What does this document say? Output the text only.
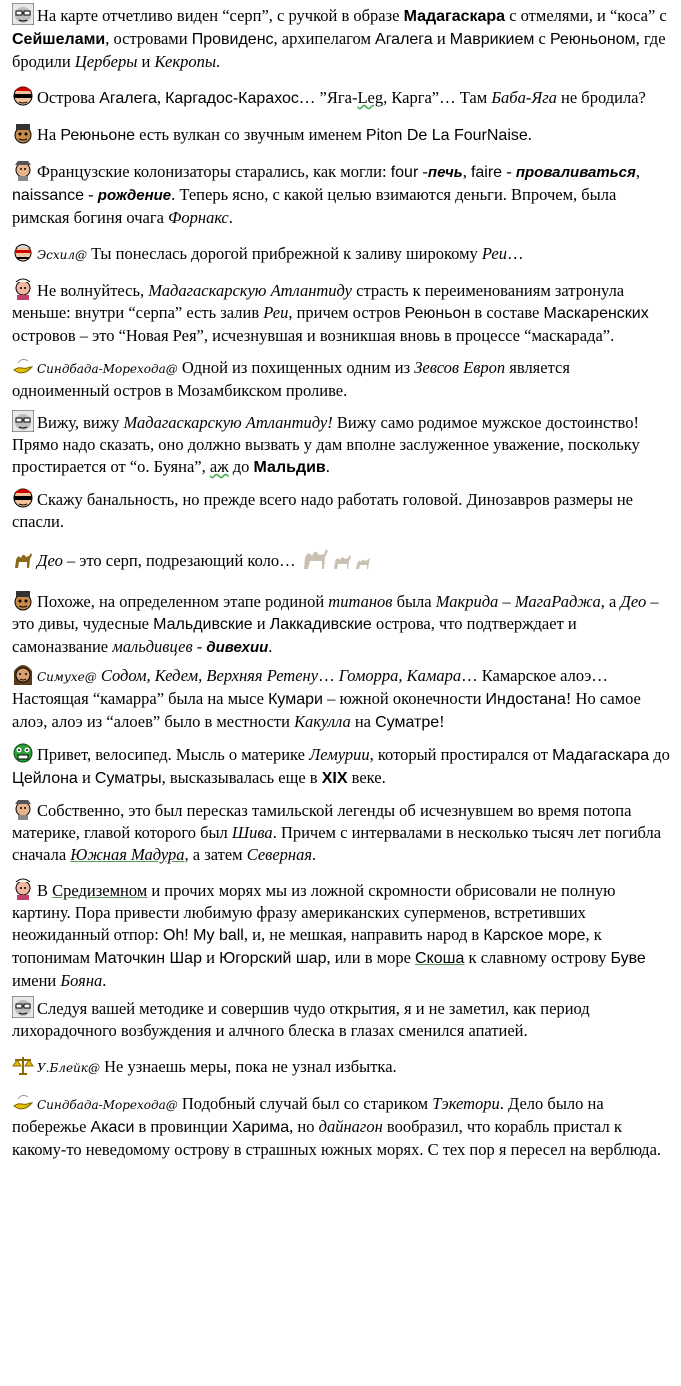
На карте отчетливо виден “серп”, с ручкой в образе Мадагаскара с отмелями, и “коса” с Сейшелами, островами Провиденс, архипелагом Агалега и Маврикием с Реюньоном, где бродили Церберы и Кекропы.

Острова Агалега, Каргадос-Карахос… ”Яга-Leg, Карга”… Там Баба-Яга не бродила?

На Реюньоне есть вулкан со звучным именем Piton De La FourNaise.

Французские колонизаторы старались, как могли: four -печь, faire - проваливаться, naissance - рождение. Теперь ясно, с какой целью взимаются деньги. Впрочем, была римская богиня очага Форнакс.

Эсхил@ Ты понеслась дорогой прибрежной к заливу широкому Реи…

Не волнуйтесь, Мадагаскарскую Атлантиду страсть к переименованиям затронула меньше: внутри “серпа” есть залив Реи, причем остров Реюньон в составе Маскаренских островов – это “Новая Рея”, исчезнувшая и возникшая вновь в процессе “маскарада”.

Синдбада-Морехода@ Одной из похищенных одним из Зевсов Европ является одноименный остров в Мозамбикском проливе.

Вижу, вижу Мадагаскарскую Атлантиду! Вижу само родимое мужское достоинство! Прямо надо сказать, оно должно вызвать у дам вполне заслуженное уважение, поскольку простирается от “о. Буяна”, аж до Мальдив.

Скажу банальность, но прежде всего надо работать головой. Динозавров размеры не спасли.

Део – это серп, подрезающий коло…

Похоже, на определенном этапе родиной титанов была Макрида – МагаРаджа, а Део – это дивы, чудесные Мальдивские и Лаккадивские острова, что подтверждает и самоназвание мальдивцев - дивехии.

Симухе@ Содом, Кедем, Верхняя Ретену… Гоморра, Камара… Камарское алоэ… Настоящая “камарра” была на мысе Кумари – южной оконечности Индостана! Но самое алоэ, алоэ из “алоев” было в местности Какулла на Суматре!

Привет, велосипед. Мысль о материке Лемурии, который простирался от Мадагаскара до Цейлона и Суматры, высказывалась еще в XIX веке.

Собственно, это был пересказ тамильской легенды об исчезнувшем во время потопа материке, главой которого был Шива. Причем с интервалами в несколько тысяч лет погибла сначала Южная Мадура, а затем Северная.

В Средиземном и прочих морях мы из ложной скромности обрисовали не полную картину. Пора привести любимую фразу американских суперменов, встретивших неожиданный отпор: Oh! My ball, и, не мешкая, направить народ в Карское море, к топонимам Маточкин Шар и Югорский шар, или в море Скоша к славному острову Буве имени Бояна.

Следуя вашей методике и совершив чудо открытия, я и не заметил, как период лихорадочного возбуждения и алчного блеска в глазах сменился апатией.

У.Блейк@ Не узнаешь меры, пока не узнал избытка.

Синдбада-Морехода@ Подобный случай был со стариком Тэкетори. Дело было на побережье Акаси в провинции Харима, но дайнагон вообразил, что корабль пристал к какому-то неведомому острову в страшных южных морях. С тех пор я пересел на верблюда.
